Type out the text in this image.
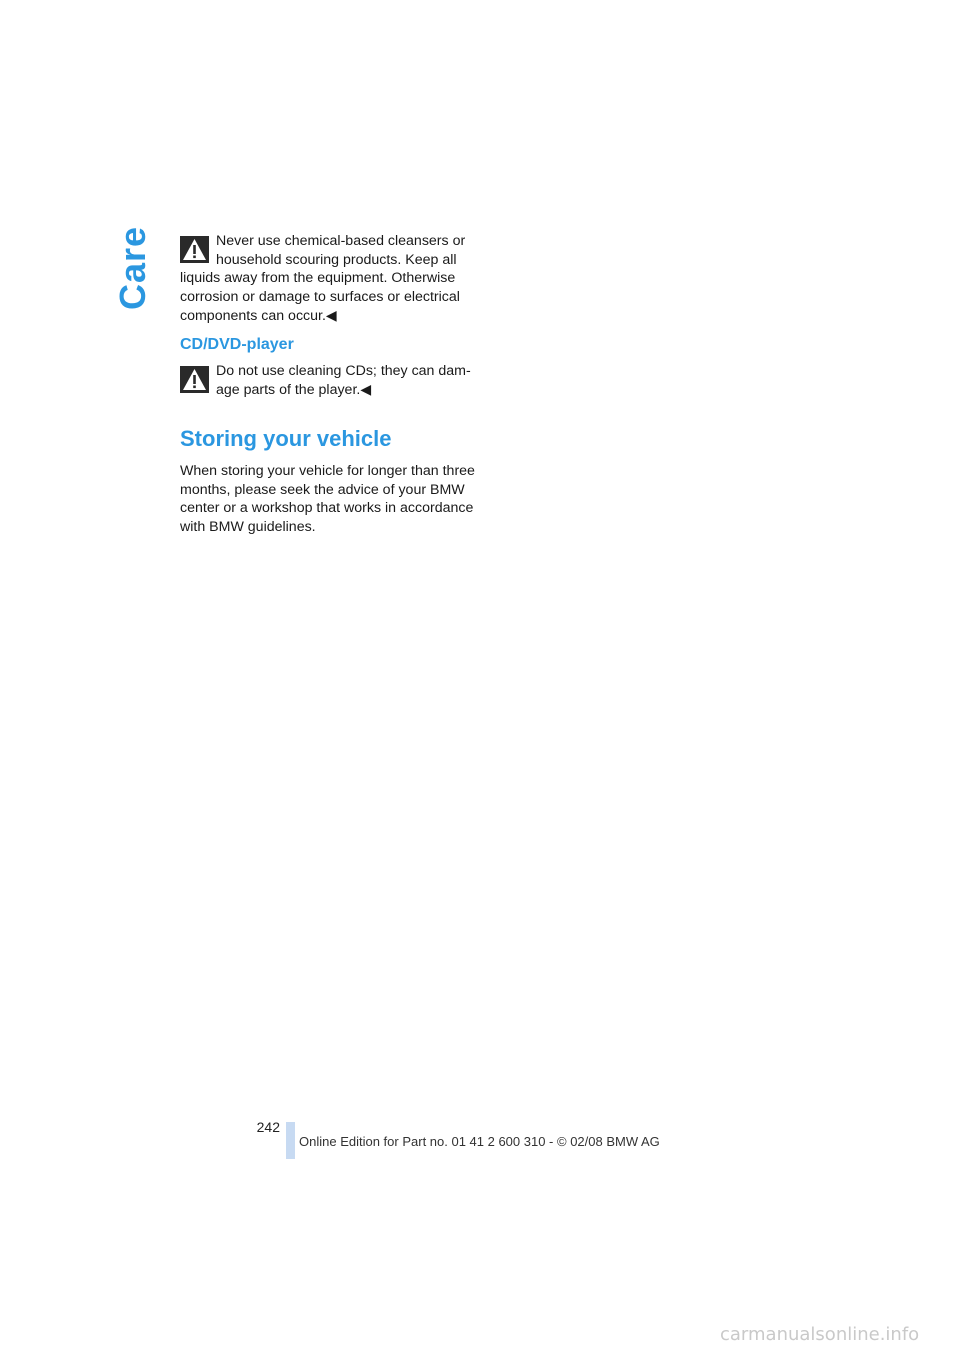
Care	Never use chemical-based cleansers or

household scouring products. Keep all

liquids away from the equipment. Otherwise

corrosion or damage to surfaces or electrical

components can occur.◀

CD/DVD-player

Do not use cleaning CDs; they can dam-

age parts of the player.◀

Storing your vehicle

When storing your vehicle for longer than three

months, please seek the advice of your BMW

center or a workshop that works in accordance

with BMW guidelines.

242
Online Edition for Part no. 01 41 2 600 310 - © 02/08 BMW AG
carmanualsonline.info
